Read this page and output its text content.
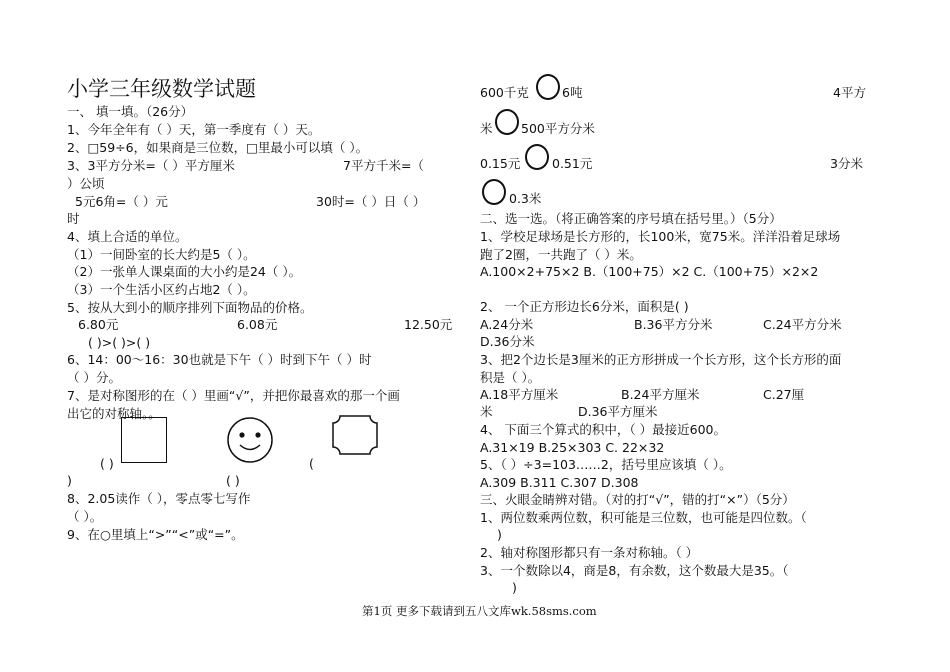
小学三年级数学试题
一、 填一填。（26分）
1、今年全年有（ ）天，第一季度有（ ）天。
2、□59÷6，如果商是三位数，□里最小可以填（ ）。
3、3平方分米=（ ）平方厘米	7平方千米=（
）公顷
5元6角=（ ）元	30时=（ ）日（ ）
时
4、填上合适的单位。
（1）一间卧室的长大约是5（ ）。
（2）一张单人课桌面的大小约是24（ ）。
（3）一个生活小区约占地2（ ）。
5、按从大到小的顺序排列下面物品的价格。
6.80元	6.08元	12.50元
( )>( )>( )
6、14：00～16：30也就是下午（ ）时到下午（ ）时
（ ）分。
7、是对称图形的在（ ）里画“√”，并把你最喜欢的那一个画
出它的对称轴。。
( )
( )
(
)
8、2.05读作（ ），零点零七写作
（ ）。
9、在○里填上“>”“<”或“=”。
600千克	6吨	4平方
米 500平方分米
0.15元	0.51元	3分米
0.3米
二、选一选。（将正确答案的序号填在括号里。）（5分）
1、学校足球场是长方形的，长100米，宽75米。洋洋沿着足球场
跑了2圈，一共跑了（ ）米。
A.100×2+75×2 B.（100+75）×2 C.（100+75）×2×2
2、 一个正方形边长6分米，面积是( )
A.24分米	B.36平方分米	C.24平方分米
D.36分米
3、把2个边长是3厘米的正方形拼成一个长方形，这个长方形的面
积是（ ）。
A.18平方厘米	B.24平方厘米	C.27厘
米	D.36平方厘米
4、 下面三个算式的积中，（ ）最接近600。
A.31×19 B.25×303 C. 22×32
5、（ ）÷3=103……2，括号里应该填（ ）。
A.309 B.311 C.307 D.308
三、火眼金睛辨对错。（对的打“√”，错的打“×”）（5分）
1、两位数乘两位数，积可能是三位数，也可能是四位数。（
)
2、轴对称图形都只有一条对称轴。（ ）
3、一个数除以4，商是8，有余数，这个数最大是35。（
)
第1页 更多下载请到五八文库wk.58sms.com
